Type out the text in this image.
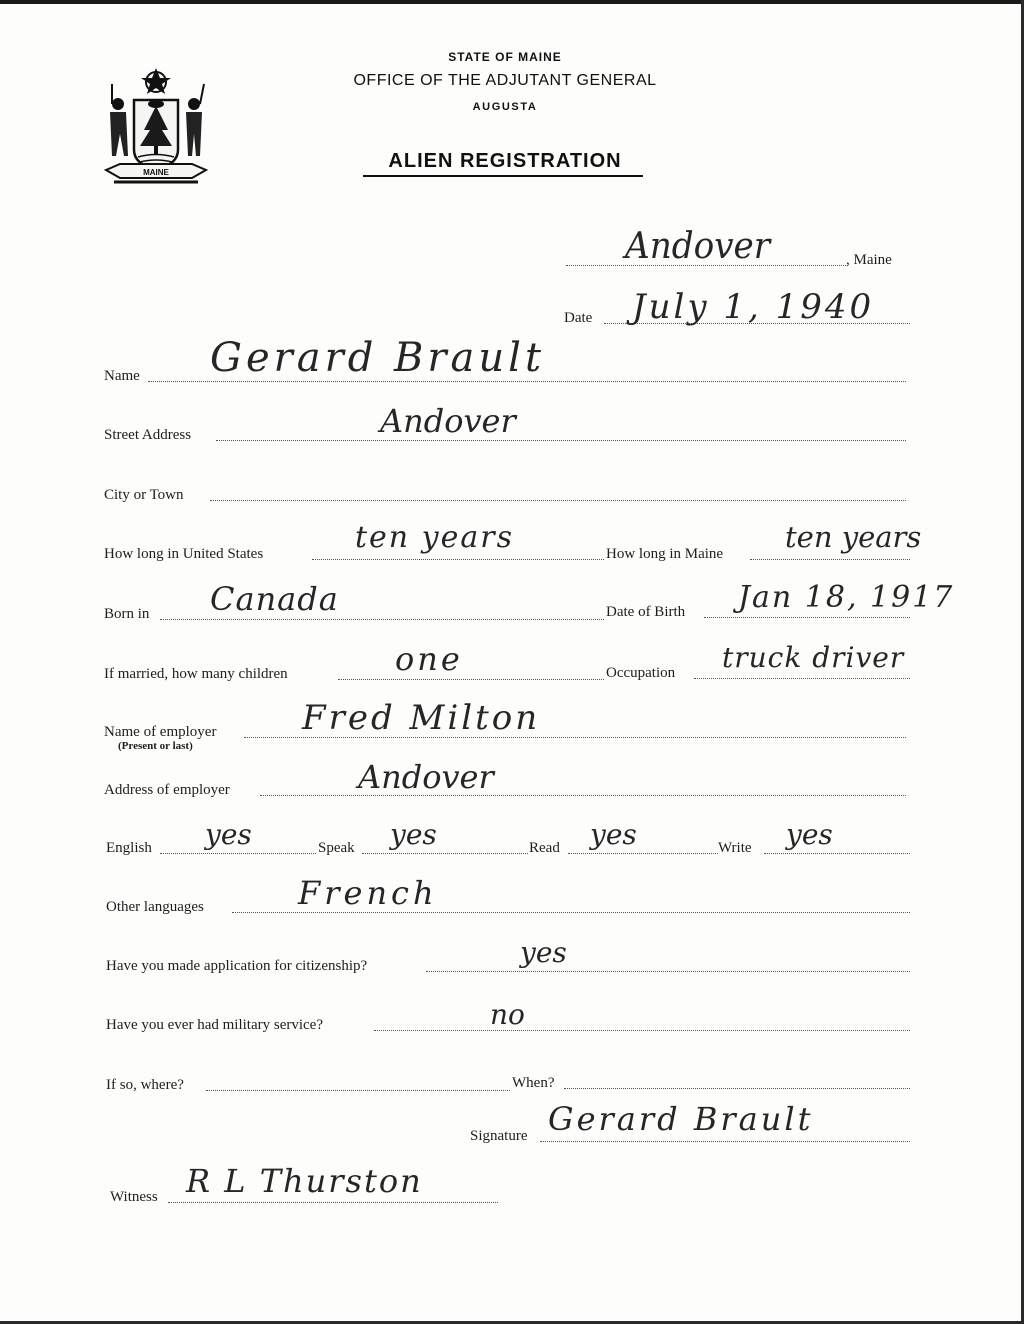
MAINE
STATE OF MAINE
OFFICE OF THE ADJUTANT GENERAL
AUGUSTA
ALIEN REGISTRATION
Andover	, Maine
Date July 1, 1940
Name Gerard Brault
Street Address	Andover
City or Town
How long in United States	ten years	How long in Maine ten years
Born in Canada	Date of Birth Jan 18, 1917
If married, how many children	one	Occupation truck driver
Name of employer
(Present or last)
Fred Milton
Address of employer	Andover
English yes	Speak yes	Read yes	Write yes
Other languages	French
Have you made application for citizenship?	yes
Have you ever had military service?	no
If so, where?	When?
Signature Gerard Brault
Witness R L Thurston
